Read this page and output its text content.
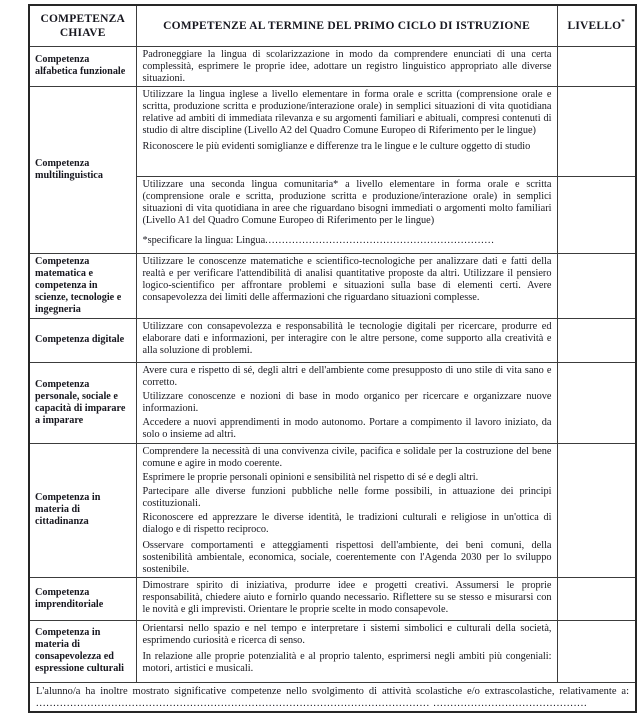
COMPETENZA CHIAVE	COMPETENZE AL TERMINE DEL PRIMO CICLO DI ISTRUZIONE	LIVELLO*
Competenza alfabetica funzionale	Padroneggiare la lingua di scolarizzazione in modo da comprendere enunciati di una certa complessità, esprimere le proprie idee, adottare un registro linguistico appropriato alle diverse situazioni.	

Competenza multilinguistica	Utilizzare la lingua inglese a livello elementare in forma orale e scritta (comprensione orale e scritta, produzione scritta e produzione/interazione orale) in semplici situazioni di vita quotidiana relative ad ambiti di immediata rilevanza e su argomenti familiari e abituali, compresi contenuti di studio di altre discipline (Livello A2 del Quadro Comune Europeo di Riferimento per le lingue)

Riconoscere le più evidenti somiglianze e differenze tra le lingue e le culture oggetto di studio	

	Utilizzare una seconda lingua comunitaria* a livello elementare in forma orale e scritta (comprensione orale e scritta, produzione scritta e produzione/interazione orale) in semplici situazioni di vita quotidiana in aree che riguardano bisogni immediati o argomenti molto familiari (Livello A1 del Quadro Comune Europeo di Riferimento per le lingue)

*specificare la lingua: Lingua....................................................................	

Competenza matematica e competenza in scienze, tecnologie e ingegneria	Utilizzare le conoscenze matematiche e scientifico-tecnologiche per analizzare dati e fatti della realtà e per verificare l'attendibilità di analisi quantitative proposte da altri. Utilizzare il pensiero logico-scientifico per affrontare problemi e situazioni sulla base di elementi certi. Avere consapevolezza dei limiti delle affermazioni che riguardano situazioni complesse.	

Competenza digitale	Utilizzare con consapevolezza e responsabilità le tecnologie digitali per ricercare, produrre ed elaborare dati e informazioni, per interagire con le altre persone, come supporto alla creatività e alla soluzione di problemi.	

Competenza personale, sociale e capacità di imparare a imparare	Avere cura e rispetto di sé, degli altri e dell'ambiente come presupposto di uno stile di vita sano e corretto.

Utilizzare conoscenze e nozioni di base in modo organico per ricercare e organizzare nuove informazioni.

Accedere a nuovi apprendimenti in modo autonomo. Portare a compimento il lavoro iniziato, da solo o insieme ad altri.	

Competenza in materia di cittadinanza	Comprendere la necessità di una convivenza civile, pacifica e solidale per la costruzione del bene comune e agire in modo coerente.

Esprimere le proprie personali opinioni e sensibilità nel rispetto di sé e degli altri.

Partecipare alle diverse funzioni pubbliche nelle forme possibili, in attuazione dei principi costituzionali.

Riconoscere ed apprezzare le diverse identità, le tradizioni culturali e religiose in un'ottica di dialogo e di rispetto reciproco.

Osservare comportamenti e atteggiamenti rispettosi dell'ambiente, dei beni comuni, della sostenibilità ambientale, economica, sociale, coerentemente con l'Agenda 2030 per lo sviluppo sostenibile.	

Competenza imprenditoriale	Dimostrare spirito di iniziativa, produrre idee e progetti creativi. Assumersi le proprie responsabilità, chiedere aiuto e fornirlo quando necessario. Riflettere su se stesso e misurarsi con le novità e gli imprevisti. Orientare le proprie scelte in modo consapevole.	

Competenza in materia di consapevolezza ed espressione culturali	Orientarsi nello spazio e nel tempo e interpretare i sistemi simbolici e culturali della società, esprimendo curiosità e ricerca di senso.

In relazione alle proprie potenzialità e al proprio talento, esprimersi negli ambiti più congeniali: motori, artistici e musicali.	

L'alunno/a ha inoltre mostrato significative competenze nello svolgimento di attività scolastiche e/o extrascolastiche, relativamente a: ................................................................................................................... .............................................		
